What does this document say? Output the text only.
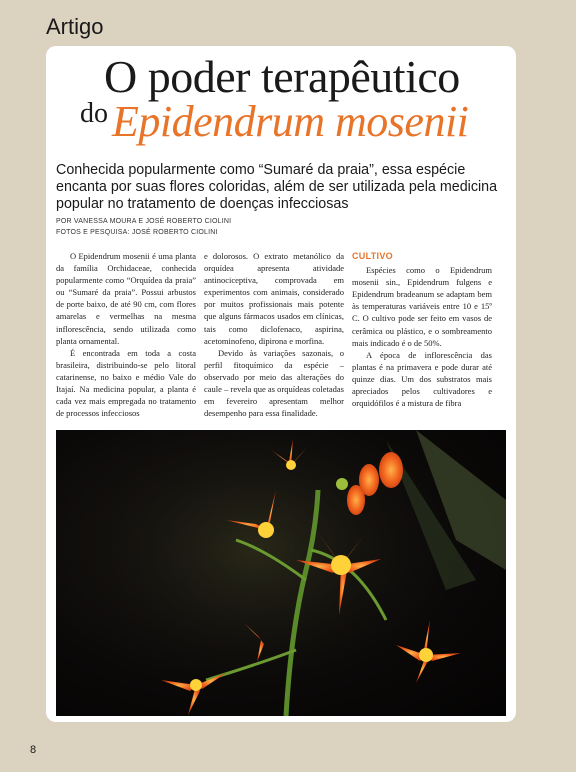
Artigo
O poder terapêutico
doEpidendrum mosenii
Conhecida popularmente como “Sumaré da praia”, essa espécie encanta por suas flores coloridas, além de ser utilizada pela medicina popular no tratamento de doenças infecciosas
POR VANESSA MOURA E JOSÉ ROBERTO CIOLINI
FOTOS E PESQUISA: JOSÉ ROBERTO CIOLINI

O Epidendrum mosenii é uma planta da família Orchidaceae, conhecida popularmente como “Orquídea da praia” ou “Sumaré da praia”. Possui arbustos de porte baixo, de até 90 cm, com flores amarelas e vermelhas na mesma inflorescência, sendo utilizada como planta ornamental.

É encontrada em toda a costa brasileira, distribuindo-se pelo litoral catarinense, no baixo e médio Vale do Itajaí. Na medicina popular, a planta é cada vez mais empregada no tratamento de processos infecciosos

e dolorosos. O extrato metanólico da orquídea apresenta atividade antinociceptiva, comprovada em experimentos com animais, considerado por muitos profissionais mais potente que alguns fármacos usados em clínicas, tais como diclofenaco, aspirina, acetominofeno, dipirona e morfina.

Devido às variações sazonais, o perfil fitoquímico da espécie – observado por meio das alterações do caule – revela que as orquídeas coletadas em fevereiro apresentam melhor desempenho para essa finalidade.

CULTIVO

Espécies como o Epidendrum mosenii sin., Epidendrum fulgens e Epidendrum bradeanum se adaptam bem às temperaturas variáveis entre 10 e 15º C. O cultivo pode ser feito em vasos de cerâmica ou plástico, e o sombreamento mais indicado é o de 50%.

A época de inflorescência das plantas é na primavera e pode durar até quinze dias. Um dos substratos mais apreciados pelos cultivadores e orquidófilos é a mistura de fibra

8
